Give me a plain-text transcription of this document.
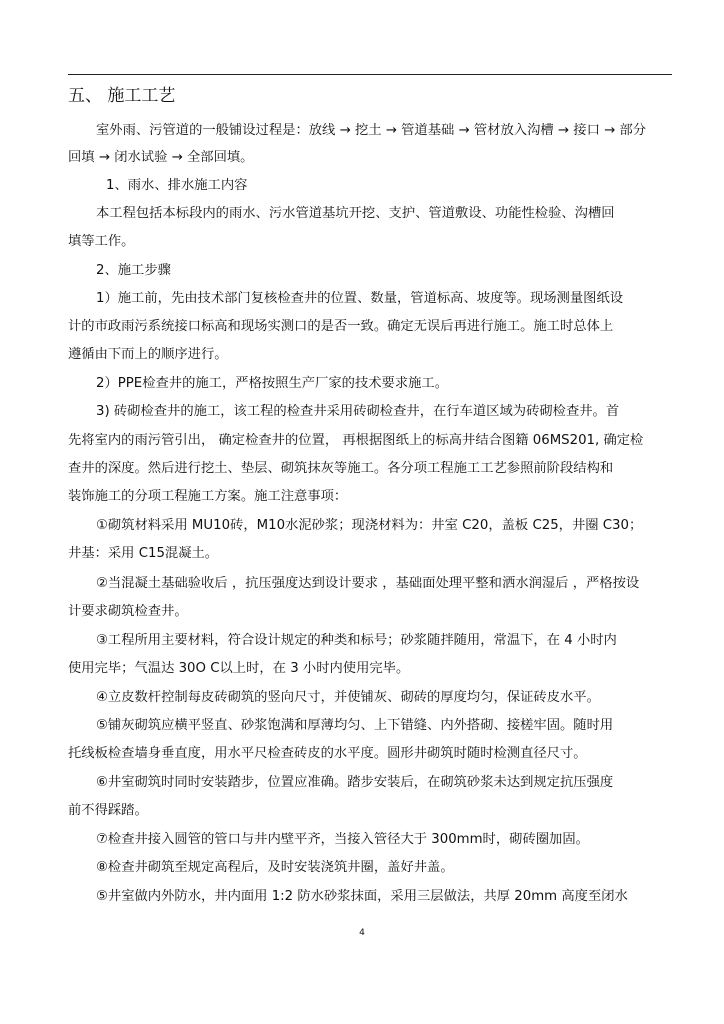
五、 施工工艺
室外雨、污管道的一般铺设过程是：放线 → 挖土 → 管道基础 → 管材放入沟槽 → 接口 → 部分
回填 → 闭水试验 → 全部回填。
1、雨水、排水施工内容
本工程包括本标段内的雨水、污水管道基坑开挖、支护、管道敷设、功能性检验、沟槽回
填等工作。
2、施工步骤
1）施工前，先由技术部门复核检查井的位置、数量，管道标高、坡度等。现场测量图纸设
计的市政雨污系统接口标高和现场实测口的是否一致。确定无误后再进行施工。施工时总体上
遵循由下而上的顺序进行。
2）PPE检查井的施工，严格按照生产厂家的技术要求施工。
3) 砖砌检查井的施工，该工程的检查井采用砖砌检查井，在行车道区域为砖砌检查井。首
先将室内的雨污管引出， 确定检查井的位置， 再根据图纸上的标高井结合图籍 06MS201, 确定检
查井的深度。然后进行挖土、垫层、砌筑抹灰等施工。各分项工程施工工艺参照前阶段结构和
装饰施工的分项工程施工方案。施工注意事项：
①砌筑材料采用 MU10砖，M10水泥砂浆；现浇材料为：井室 C20，盖板 C25，井圈 C30；
井基：采用 C15混凝土。
②当混凝土基础验收后 ，抗压强度达到设计要求 ，基础面处理平整和洒水润湿后 ，严格按设
计要求砌筑检查井。
③工程所用主要材料，符合设计规定的种类和标号；砂浆随拌随用，常温下，在 4 小时内
使用完毕；气温达 30O C以上时，在 3 小时内使用完毕。
④立皮数杆控制每皮砖砌筑的竖向尺寸，并使铺灰、砌砖的厚度均匀，保证砖皮水平。
⑤铺灰砌筑应横平竖直、砂浆饱满和厚薄均匀、上下错缝、内外搭砌、接槎牢固。随时用
托线板检查墙身垂直度，用水平尺检查砖皮的水平度。圆形井砌筑时随时检测直径尺寸。
⑥井室砌筑时同时安装踏步，位置应准确。踏步安装后，在砌筑砂浆未达到规定抗压强度
前不得踩踏。
⑦检查井接入圆管的管口与井内壁平齐，当接入管径大于 300mm时，砌砖圈加固。
⑧检查井砌筑至规定高程后，及时安装浇筑井圈，盖好井盖。
⑤井室做内外防水，井内面用 1:2 防水砂浆抹面，采用三层做法，共厚 20mm 高度至闭水
4
